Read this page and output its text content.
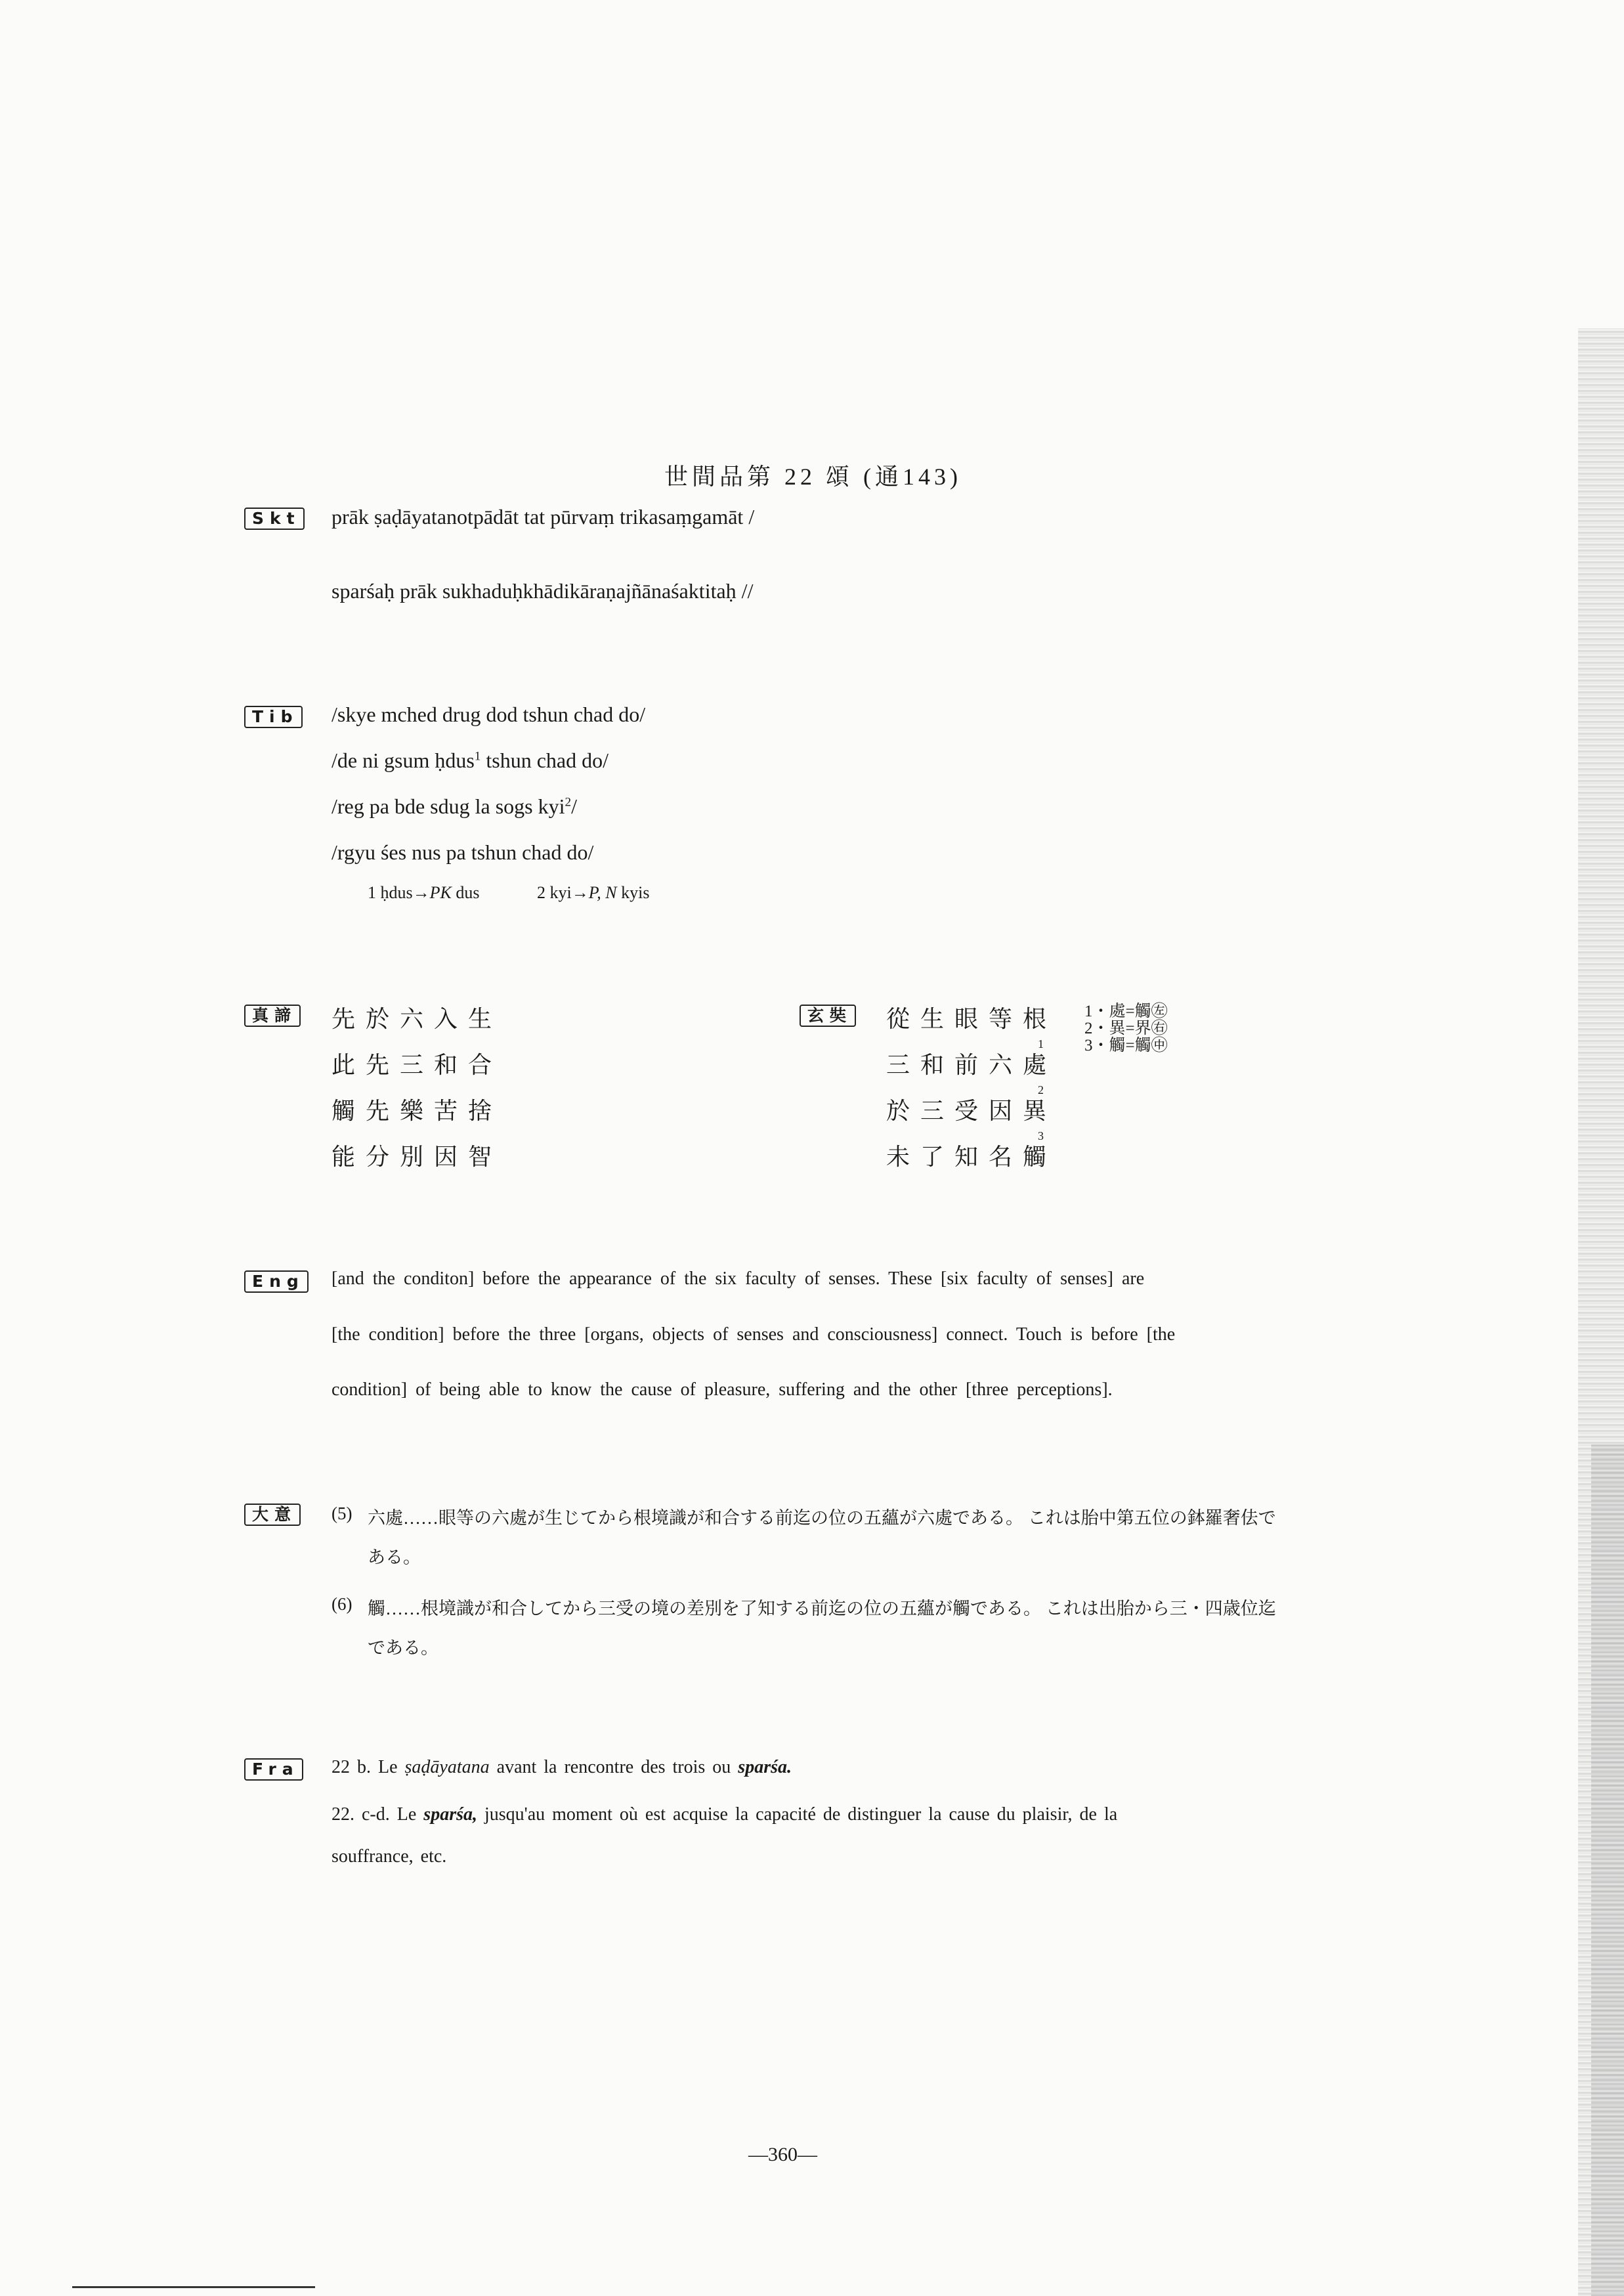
世間品第 22 頌 (通143)
Skt prāk ṣaḍāyatanotpādāt tat pūrvaṃ trikasaṃgamāt /
sparśaḥ prāk sukhaduḥkhādikāraṇajñānaśaktitaḥ //
Tib /skye mched drug dod tshun chad do/
/de ni gsum ḥdus$^1$ tshun chad do/
/reg pa bde sdug la sogs kyi$^2$/
/rgyu śes nus pa tshun chad do/
1 ḥdus→PK dus	2 kyi→P, N kyis
真諦 先於六入生
此先三和合
觸先樂苦捨
能分別因智
玄奘 從生眼等根
三和前六處
於三受因異
未了知名觸
1
2
3
1・處=觸㊧
2・異=界㊨
3・觸=觸㊥
Eng [and the conditon] before the appearance of the six faculty of senses. These [six faculty of senses] are
[the condition] before the three [organs, objects of senses and consciousness] connect. Touch is before [the
condition] of being able to know the cause of pleasure, suffering and the other [three perceptions].
大意 (5) 六處……眼等の六處が生じてから根境識が和合する前迄の位の五蘊が六處である。 これは胎中第五位の鉢羅奢佉で
ある。
(6) 觸……根境識が和合してから三受の境の差別を了知する前迄の位の五蘊が觸である。 これは出胎から三・四歳位迄
である。
Fra 22 b. Le ṣaḍāyatana avant la rencontre des trois ou sparśa.
22. c-d. Le sparśa, jusqu'au moment où est acquise la capacité de distinguer la cause du plaisir, de la
souffrance, etc.
—360—
